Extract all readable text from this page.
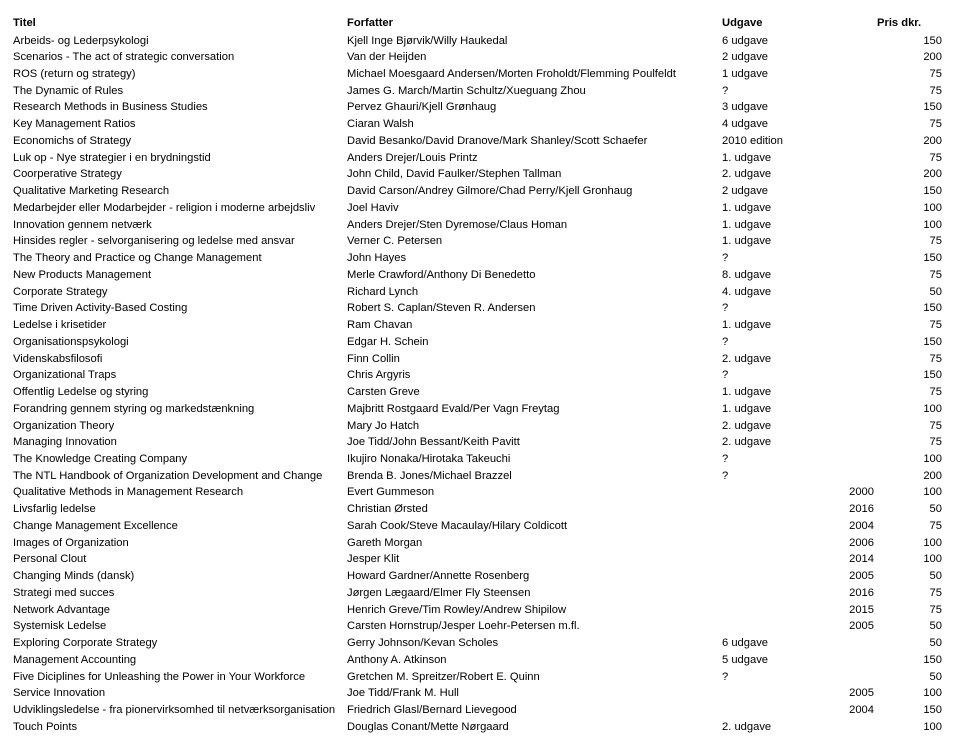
Titel	Forfatter	Udgave	Pris dkr.
Arbeids- og Lederpsykologi	Kjell Inge Bjørvik/Willy Haukedal	6 udgave	150
Scenarios - The act of strategic conversation	Van der Heijden	2 udgave	200
ROS (return og strategy)	Michael Moesgaard Andersen/Morten Froholdt/Flemming Poulfeldt	1 udgave	75
The Dynamic of Rules	James G. March/Martin Schultz/Xueguang Zhou	?	75
Research Methods in Business Studies	Pervez Ghauri/Kjell Grønhaug	3 udgave	150
Key Management Ratios	Ciaran Walsh	4 udgave	75
Economichs of Strategy	David Besanko/David Dranove/Mark Shanley/Scott Schaefer	2010 edition	200
Luk op - Nye strategier i en brydningstid	Anders Drejer/Louis Printz	1. udgave	75
Coorperative Strategy	John Child, David Faulker/Stephen Tallman	2. udgave	200
Qualitative Marketing Research	David Carson/Andrey Gilmore/Chad Perry/Kjell Gronhaug	2 udgave	150
Medarbejder eller Modarbejder - religion i moderne arbejdsliv	Joel Haviv	1. udgave	100
Innovation gennem netværk	Anders Drejer/Sten Dyremose/Claus Homan	1. udgave	100
Hinsides regler - selvorganisering og ledelse med ansvar	Verner C. Petersen	1. udgave	75
The Theory and Practice og Change Management	John Hayes	?	150
New Products Management	Merle Crawford/Anthony Di Benedetto	8. udgave	75
Corporate Strategy	Richard Lynch	4. udgave	50
Time Driven Activity-Based Costing	Robert S. Caplan/Steven R. Andersen	?	150
Ledelse i krisetider	Ram Chavan	1. udgave	75
Organisationspsykologi	Edgar H. Schein	?	150
Videnskabsfilosofi	Finn Collin	2. udgave	75
Organizational Traps	Chris Argyris	?	150
Offentlig Ledelse og styring	Carsten Greve	1. udgave	75
Forandring gennem styring og markedstænkning	Majbritt Rostgaard Evald/Per Vagn Freytag	1. udgave	100
Organization Theory	Mary Jo Hatch	2. udgave	75
Managing Innovation	Joe Tidd/John Bessant/Keith Pavitt	2. udgave	75
The Knowledge Creating Company	Ikujiro Nonaka/Hirotaka Takeuchi	?	100
The NTL Handbook of Organization Development and Change	Brenda B. Jones/Michael Brazzel	?	200
Qualitative Methods in Management Research	Evert Gummeson	2000	100
Livsfarlig ledelse	Christian Ørsted	2016	50
Change Management Excellence	Sarah Cook/Steve Macaulay/Hilary Coldicott	2004	75
Images of Organization	Gareth Morgan	2006	100
Personal Clout	Jesper Klit	2014	100
Changing Minds (dansk)	Howard Gardner/Annette Rosenberg	2005	50
Strategi med succes	Jørgen Lægaard/Elmer Fly Steensen	2016	75
Network Advantage	Henrich Greve/Tim Rowley/Andrew Shipilow	2015	75
Systemisk Ledelse	Carsten Hornstrup/Jesper Loehr-Petersen m.fl.	2005	50
Exploring Corporate Strategy	Gerry Johnson/Kevan Scholes	6 udgave	50
Management Accounting	Anthony A. Atkinson	5 udgave	150
Five Diciplines for Unleashing the Power in Your Workforce	Gretchen M. Spreitzer/Robert E. Quinn	?	50
Service Innovation	Joe Tidd/Frank M. Hull	2005	100
Udviklingsledelse - fra pionervirksomhed til netværksorganisation	Friedrich Glasl/Bernard Lievegood	2004	150
Touch Points	Douglas Conant/Mette Nørgaard	2. udgave	100
